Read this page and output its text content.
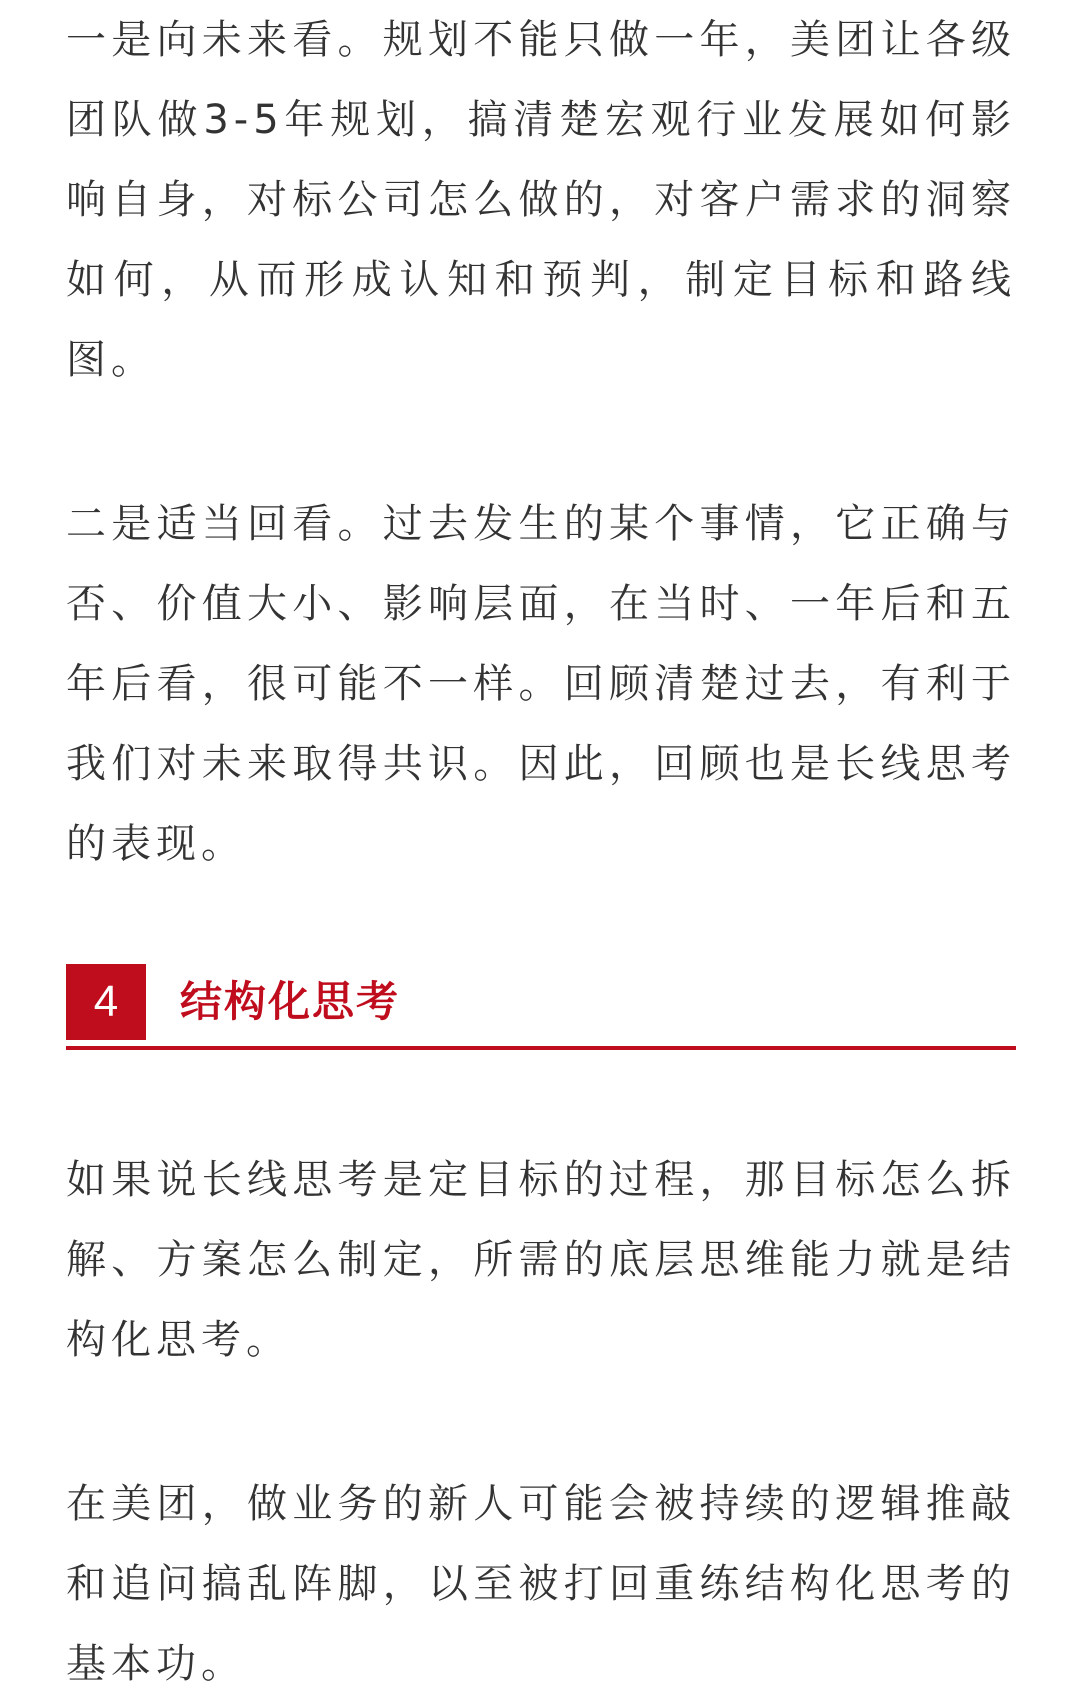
一是向未来看。规划不能只做一年，美团让各级团队做3-5年规划，搞清楚宏观行业发展如何影响自身，对标公司怎么做的，对客户需求的洞察如何，从而形成认知和预判，制定目标和路线图。

二是适当回看。过去发生的某个事情，它正确与否、价值大小、影响层面，在当时、一年后和五年后看，很可能不一样。回顾清楚过去，有利于我们对未来取得共识。因此，回顾也是长线思考的表现。

4	结构化思考

如果说长线思考是定目标的过程，那目标怎么拆解、方案怎么制定，所需的底层思维能力就是结构化思考。

在美团，做业务的新人可能会被持续的逻辑推敲和追问搞乱阵脚，以至被打回重练结构化思考的基本功。
